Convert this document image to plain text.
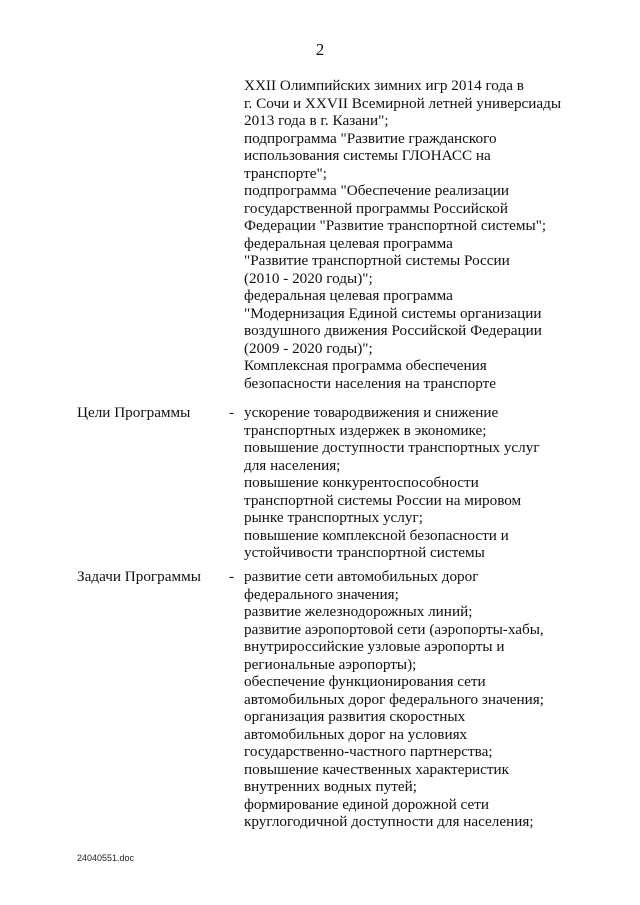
2
XXII Олимпийских зимних игр 2014 года в
г. Сочи и XXVII Всемирной летней универсиады
2013 года в г. Казани";
подпрограмма "Развитие гражданского
использования системы ГЛОНАСС на
транспорте";
подпрограмма "Обеспечение реализации
государственной программы Российской
Федерации "Развитие транспортной системы";
федеральная целевая программа
"Развитие транспортной системы России
(2010 - 2020 годы)";
федеральная целевая программа
"Модернизация Единой системы организации
воздушного движения Российской Федерации
(2009 - 2020 годы)";
Комплексная программа обеспечения
безопасности населения на транспорте
Цели Программы	- ускорение товародвижения и снижение
транспортных издержек в экономике;
повышение доступности транспортных услуг
для населения;
повышение конкурентоспособности
транспортной системы России на мировом
рынке транспортных услуг;
повышение комплексной безопасности и
устойчивости транспортной системы
Задачи Программы - развитие сети автомобильных дорог
федерального значения;
развитие железнодорожных линий;
развитие аэропортовой сети (аэропорты-хабы,
внутрироссийские узловые аэропорты и
региональные аэропорты);
обеспечение функционирования сети
автомобильных дорог федерального значения;
организация развития скоростных
автомобильных дорог на условиях
государственно-частного партнерства;
повышение качественных характеристик
внутренних водных путей;
формирование единой дорожной сети
круглогодичной доступности для населения;
24040551.doc
